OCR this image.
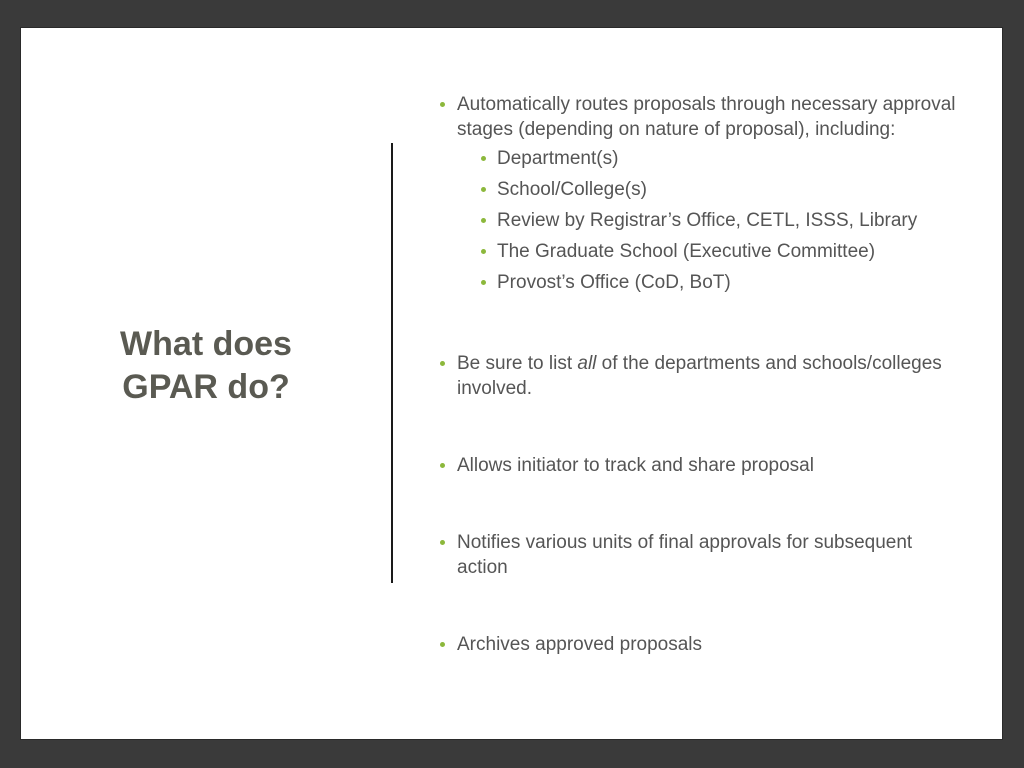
What does
GPAR do?
Automatically routes proposals through necessary approval stages (depending on nature of proposal), including:
Department(s)
School/College(s)
Review by Registrar’s Office, CETL, ISSS, Library
The Graduate School (Executive Committee)
Provost’s Office (CoD, BoT)
Be sure to list all of the departments and schools/colleges involved.
Allows initiator to track and share proposal
Notifies various units of final approvals for subsequent action
Archives approved proposals
